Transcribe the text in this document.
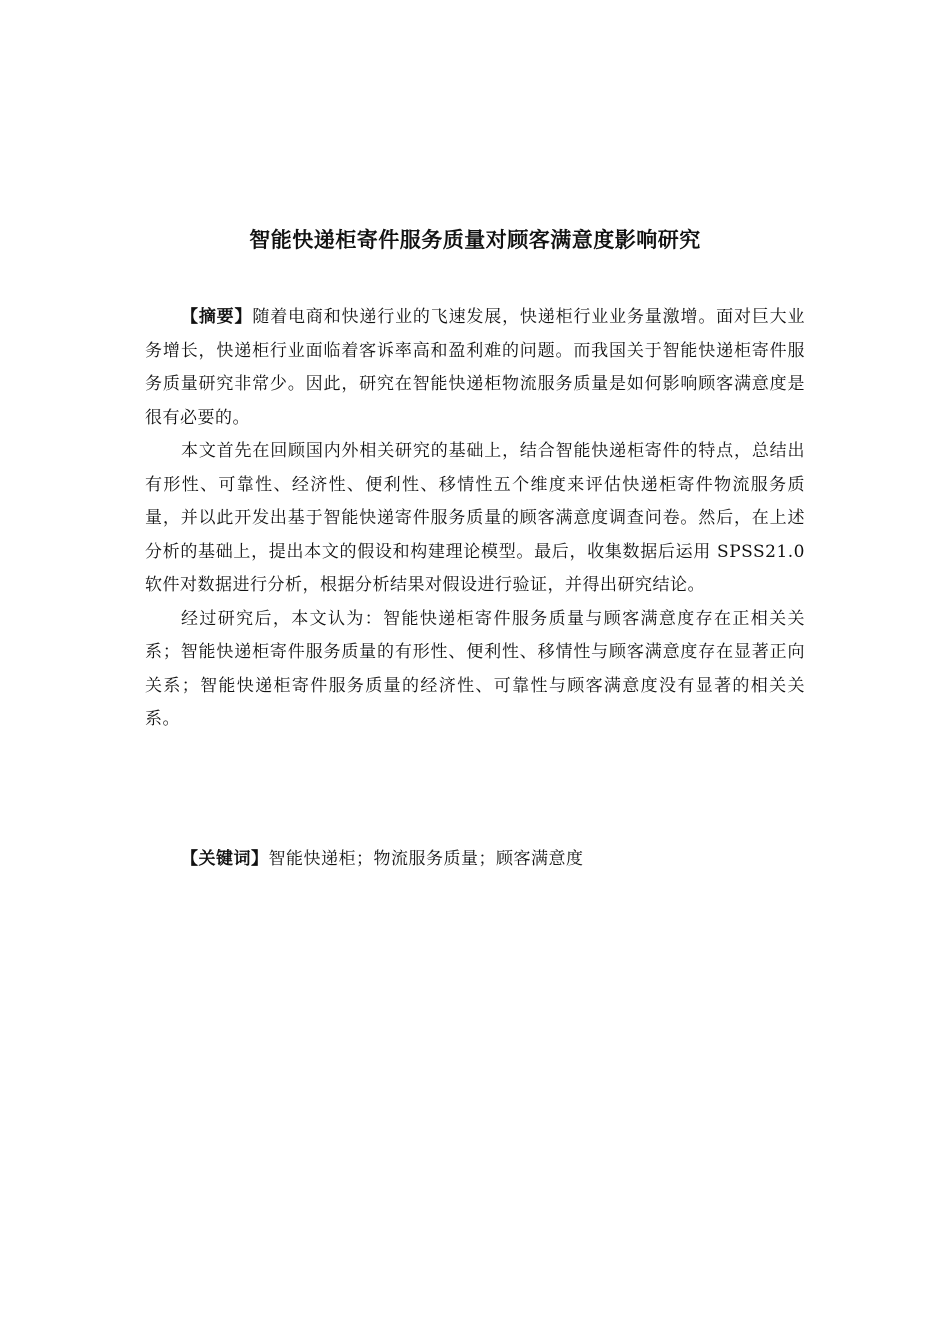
智能快递柜寄件服务质量对顾客满意度影响研究

【摘要】随着电商和快递行业的飞速发展，快递柜行业业务量激增。面对巨大业务增长，快递柜行业面临着客诉率高和盈利难的问题。而我国关于智能快递柜寄件服务质量研究非常少。因此，研究在智能快递柜物流服务质量是如何影响顾客满意度是很有必要的。

本文首先在回顾国内外相关研究的基础上，结合智能快递柜寄件的特点，总结出有形性、可靠性、经济性、便利性、移情性五个维度来评估快递柜寄件物流服务质量，并以此开发出基于智能快递寄件服务质量的顾客满意度调查问卷。然后，在上述分析的基础上，提出本文的假设和构建理论模型。最后，收集数据后运用 SPSS21.0 软件对数据进行分析，根据分析结果对假设进行验证，并得出研究结论。

经过研究后，本文认为：智能快递柜寄件服务质量与顾客满意度存在正相关关系；智能快递柜寄件服务质量的有形性、便利性、移情性与顾客满意度存在显著正向关系；智能快递柜寄件服务质量的经济性、可靠性与顾客满意度没有显著的相关关系。

【关键词】智能快递柜；物流服务质量；顾客满意度
